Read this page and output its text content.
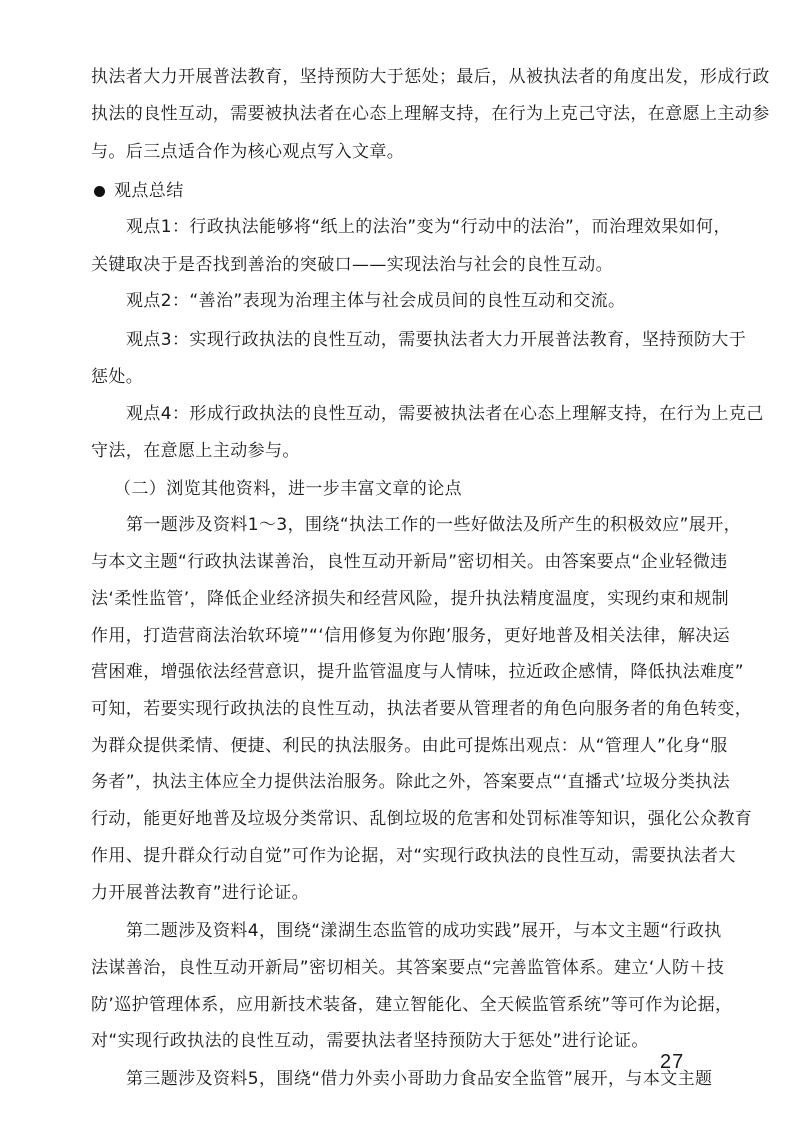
执法者大力开展普法教育，坚持预防大于惩处；最后，从被执法者的角度出发，形成行政
执法的良性互动，需要被执法者在心态上理解支持，在行为上克己守法，在意愿上主动参
与。后三点适合作为核心观点写入文章。
观点总结
观点1：行政执法能够将“纸上的法治”变为“行动中的法治”，而治理效果如何，
关键取决于是否找到善治的突破口——实现法治与社会的良性互动。
观点2：“善治”表现为治理主体与社会成员间的良性互动和交流。
观点3：实现行政执法的良性互动，需要执法者大力开展普法教育，坚持预防大于
惩处。
观点4：形成行政执法的良性互动，需要被执法者在心态上理解支持，在行为上克己
守法，在意愿上主动参与。
（二）浏览其他资料，进一步丰富文章的论点
第一题涉及资料1～3，围绕“执法工作的一些好做法及所产生的积极效应”展开，
与本文主题“行政执法谋善治，良性互动开新局”密切相关。由答案要点“企业轻微违
法‘柔性监管’，降低企业经济损失和经营风险，提升执法精度温度，实现约束和规制
作用，打造营商法治软环境”“‘信用修复为你跑’服务，更好地普及相关法律，解决运
营困难，增强依法经营意识，提升监管温度与人情味，拉近政企感情，降低执法难度”
可知，若要实现行政执法的良性互动，执法者要从管理者的角色向服务者的角色转变，
为群众提供柔情、便捷、利民的执法服务。由此可提炼出观点：从“管理人”化身“服
务者”，执法主体应全力提供法治服务。除此之外，答案要点“‘直播式’垃圾分类执法
行动，能更好地普及垃圾分类常识、乱倒垃圾的危害和处罚标准等知识，强化公众教育
作用、提升群众行动自觉”可作为论据，对“实现行政执法的良性互动，需要执法者大
力开展普法教育”进行论证。
第二题涉及资料4，围绕“漾湖生态监管的成功实践”展开，与本文主题“行政执
法谋善治，良性互动开新局”密切相关。其答案要点“完善监管体系。建立‘人防＋技
防’巡护管理体系，应用新技术装备，建立智能化、全天候监管系统”等可作为论据，
对“实现行政执法的良性互动，需要执法者坚持预防大于惩处”进行论证。
第三题涉及资料5，围绕“借力外卖小哥助力食品安全监管”展开，与本文主题
27
